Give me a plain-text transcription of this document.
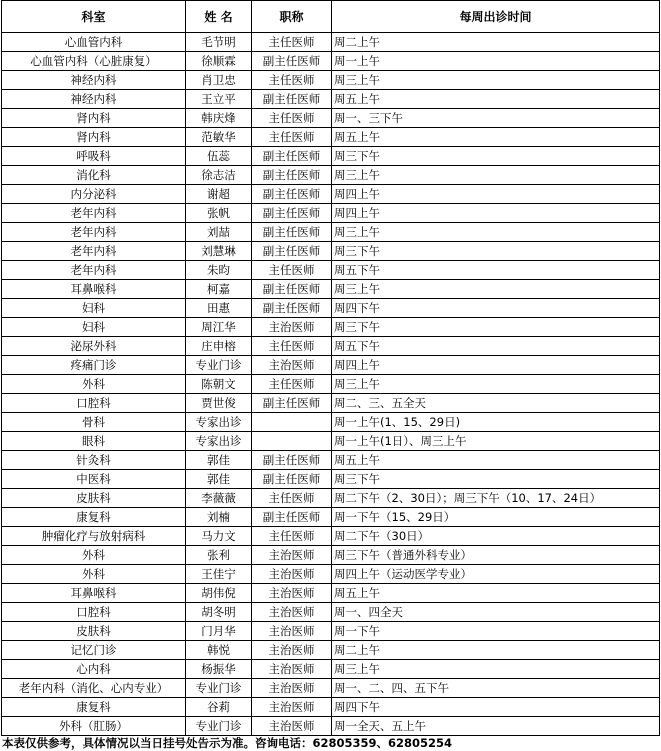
科室	姓 名	职称	每周出诊时间
心血管内科	毛节明	主任医师	周二上午
心血管内科（心脏康复）	徐顺霖	副主任医师	周一上午
神经内科	肖卫忠	主任医师	周三上午
神经内科	王立平	副主任医师	周五上午
肾内科	韩庆烽	主任医师	周一、三下午
肾内科	范敏华	主任医师	周五上午
呼吸科	伍蕊	副主任医师	周三下午
消化科	徐志洁	副主任医师	周三上午
内分泌科	谢超	副主任医师	周四上午
老年内科	张帆	副主任医师	周四上午
老年内科	刘喆	副主任医师	周三上午
老年内科	刘慧琳	副主任医师	周三下午
老年内科	朱昀	主任医师	周五下午
耳鼻喉科	柯嘉	副主任医师	周三上午
妇科	田惠	副主任医师	周四下午
妇科	周江华	主治医师	周三下午
泌尿外科	庄申榕	主任医师	周五下午
疼痛门诊	专业门诊	主治医师	周四上午
外科	陈朝文	主任医师	周三上午
口腔科	贾世俊	副主任医师	周二、三、五全天
骨科	专家出诊		周一上午(1、15、29日)
眼科	专家出诊		周一上午(1日）、周三上午
针灸科	郭佳	副主任医师	周五上午
中医科	郭佳	副主任医师	周三下午
皮肤科	李薇薇	主任医师	周二下午（2、30日）；周三下午（10、17、24日）
康复科	刘楠	副主任医师	周一下午（15、29日）
肿瘤化疗与放射病科	马力文	主任医师	周二下午（30日）
外科	张利	主治医师	周三下午（普通外科专业）
外科	王佳宁	主治医师	周四上午（运动医学专业）
耳鼻喉科	胡伟倪	主治医师	周五上午
口腔科	胡冬明	主治医师	周一、四全天
皮肤科	门月华	主治医师	周一下午
记忆门诊	韩悦	主治医师	周二上午
心内科	杨振华	主治医师	周三上午
老年内科（消化、心内专业）	专业门诊	主治医师	周一、二、四、五下午
康复科	谷莉	主治医师	周四下午
外科（肛肠）	专业门诊	主治医师	周一全天、五上午
本表仅供参考，具体情况以当日挂号处告示为准。咨询电话：62805359、62805254
